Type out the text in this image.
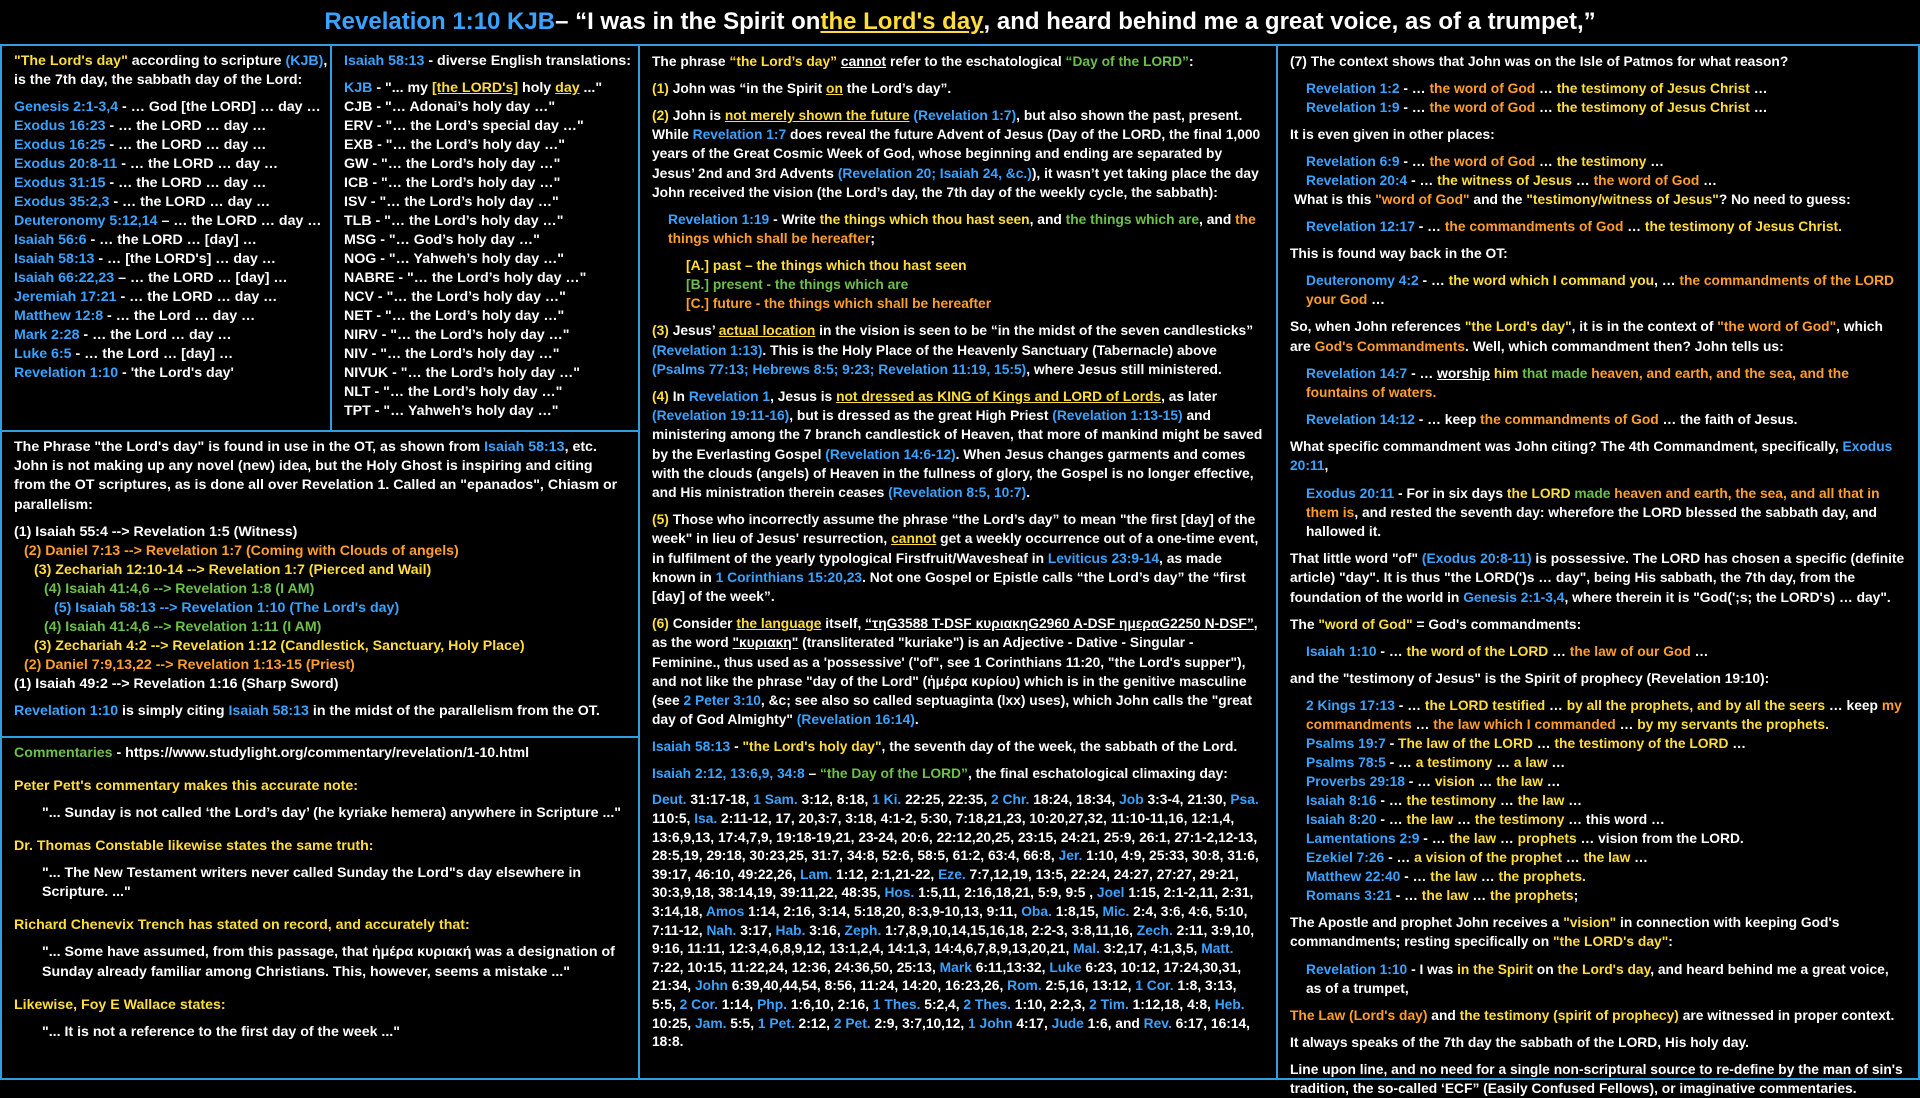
Revelation 1:10 KJB – “I was in the Spirit on the Lord's day , and heard behind me a great voice, as of a trumpet,”
"The Lord's day" according to scripture (KJB),
is the 7th day, the sabbath day of the Lord:
Genesis 2:1-3,4 - … God [the LORD] … day …
Exodus 16:23 - … the LORD … day …
Exodus 16:25 - … the LORD … day …
Exodus 20:8-11 - … the LORD … day …
Exodus 31:15 - … the LORD … day …
Exodus 35:2,3 - … the LORD … day …
Deuteronomy 5:12,14 – … the LORD … day …
Isaiah 56:6 - … the LORD … [day] …
Isaiah 58:13 - … [the LORD's] … day …
Isaiah 66:22,23 – … the LORD … [day] …
Jeremiah 17:21 - … the LORD … day …
Matthew 12:8 - … the Lord … day …
Mark 2:28 - … the Lord … day …
Luke 6:5 - … the Lord … [day] …
Revelation 1:10 - 'the Lord's day'
Isaiah 58:13 - diverse English translations:
KJB - "... my [the LORD's] holy day ..."
CJB - "… Adonai’s holy day …"
ERV - "… the Lord’s special day …"
EXB - "… the Lord’s holy day …"
GW - "… the Lord’s holy day …"
ICB - "… the Lord’s holy day …"
ISV - "… the Lord’s holy day …"
TLB - "… the Lord’s holy day …"
MSG - "… God’s holy day …"
NOG - "… Yahweh’s holy day …"
NABRE - "… the Lord’s holy day …"
NCV - "… the Lord’s holy day …"
NET - "… the Lord’s holy day …"
NIRV - "… the Lord’s holy day …"
NIV - "… the Lord’s holy day …"
NIVUK - "… the Lord’s holy day …"
NLT - "… the Lord’s holy day …"
TPT - "… Yahweh’s holy day …"

The Phrase "the Lord's day" is found in use in the OT, as shown from Isaiah 58:13, etc. John is not making up any novel (new) idea, but the Holy Ghost is inspiring and citing from the OT scriptures, as is done all over Revelation 1. Called an "epanados", Chiasm or parallelism:

(1) Isaiah 55:4 --> Revelation 1:5 (Witness)
(2) Daniel 7:13 --> Revelation 1:7 (Coming with Clouds of angels)
(3) Zechariah 12:10-14 --> Revelation 1:7 (Pierced and Wail)
(4) Isaiah 41:4,6 --> Revelation 1:8 (I AM)
(5) Isaiah 58:13 --> Revelation 1:10 (The Lord's day)
(4) Isaiah 41:4,6 --> Revelation 1:11 (I AM)
(3) Zechariah 4:2 --> Revelation 1:12 (Candlestick, Sanctuary, Holy Place)
(2) Daniel 7:9,13,22 --> Revelation 1:13-15 (Priest)
(1) Isaiah 49:2 --> Revelation 1:16 (Sharp Sword)
Revelation 1:10 is simply citing Isaiah 58:13 in the midst of the parallelism from the OT.
Commentaries - https://www.studylight.org/commentary/revelation/1-10.html
Peter Pett's commentary makes this accurate note:
"... Sunday is not called ‘the Lord’s day’ (he kyriake hemera) anywhere in Scripture ..."
Dr. Thomas Constable likewise states the same truth:

"... The New Testament writers never called Sunday the Lord"s day elsewhere in Scripture. ..."

Richard Chenevix Trench has stated on record, and accurately that:

"... Some have assumed, from this passage, that ἡμέρα κυριακή was a designation of Sunday already familiar among Christians. This, however, seems a mistake ..."

Likewise, Foy E Wallace states:
"... It is not a reference to the first day of the week ..."
The phrase “the Lord’s day” cannot refer to the eschatological “Day of the LORD”:
(1) John was “in the Spirit on the Lord’s day”.

(2) John is not merely shown the future (Revelation 1:7), but also shown the past, present. While Revelation 1:7 does reveal the future Advent of Jesus (Day of the LORD, the final 1,000 years of the Great Cosmic Week of God, whose beginning and ending are separated by Jesus’ 2nd and 3rd Advents (Revelation 20; Isaiah 24, &c.)), it wasn’t yet taking place the day John received the vision (the Lord’s day, the 7th day of the weekly cycle, the sabbath):

Revelation 1:19 - Write the things which thou hast seen, and the things which are, and the things which shall be hereafter;

[A.] past – the things which thou hast seen
[B.] present - the things which are
[C.] future - the things which shall be hereafter

(3) Jesus’ actual location in the vision is seen to be “in the midst of the seven candlesticks” (Revelation 1:13). This is the Holy Place of the Heavenly Sanctuary (Tabernacle) above (Psalms 77:13; Hebrews 8:5; 9:23; Revelation 11:19, 15:5), where Jesus still ministered.

(4) In Revelation 1, Jesus is not dressed as KING of Kings and LORD of Lords, as later (Revelation 19:11-16), but is dressed as the great High Priest (Revelation 1:13-15) and ministering among the 7 branch candlestick of Heaven, that more of mankind might be saved by the Everlasting Gospel (Revelation 14:6-12). When Jesus changes garments and comes with the clouds (angels) of Heaven in the fullness of glory, the Gospel is no longer effective, and His ministration therein ceases (Revelation 8:5, 10:7).

(5) Those who incorrectly assume the phrase “the Lord’s day” to mean "the first [day] of the week" in lieu of Jesus' resurrection, cannot get a weekly occurrence out of a one-time event, in fulfilment of the yearly typological Firstfruit/Wavesheaf in Leviticus 23:9-14, as made known in 1 Corinthians 15:20,23. Not one Gospel or Epistle calls “the Lord’s day” the “first [day] of the week”.

(6) Consider the language itself, “τηG3588 T-DSF κυριακηG2960 A-DSF ημεραG2250 N-DSF”, as the word "κυριακη" (transliterated "kuriake") is an Adjective - Dative - Singular - Feminine., thus used as a 'possessive' ("of", see 1 Corinthians 11:20, "the Lord's supper"), and not like the phrase "day of the Lord" (ἡμέρα κυρίου) which is in the genitive masculine (see 2 Peter 3:10, &c; see also so called septuaginta (lxx) uses), which John calls the "great day of God Almighty" (Revelation 16:14).

Isaiah 58:13 - "the Lord's holy day", the seventh day of the week, the sabbath of the Lord.
Isaiah 2:12, 13:6,9, 34:8 – “the Day of the LORD”, the final eschatological climaxing day:

Deut. 31:17-18, 1 Sam. 3:12, 8:18, 1 Ki. 22:25, 22:35, 2 Chr. 18:24, 18:34, Job 3:3-4, 21:30, Psa. 110:5, Isa. 2:11-12, 17, 20,3:7, 3:18, 4:1-2, 5:30, 7:18,21,23, 10:20,27,32, 11:10-11,16, 12:1,4, 13:6,9,13, 17:4,7,9, 19:18-19,21, 23-24, 20:6, 22:12,20,25, 23:15, 24:21, 25:9, 26:1, 27:1-2,12-13, 28:5,19, 29:18, 30:23,25, 31:7, 34:8, 52:6, 58:5, 61:2, 63:4, 66:8, Jer. 1:10, 4:9, 25:33, 30:8, 31:6, 39:17, 46:10, 49:22,26, Lam. 1:12, 2:1,21-22, Eze. 7:7,12,19, 13:5, 22:24, 24:27, 27:27, 29:21, 30:3,9,18, 38:14,19, 39:11,22, 48:35, Hos. 1:5,11, 2:16,18,21, 5:9, 9:5 , Joel 1:15, 2:1-2,11, 2:31, 3:14,18, Amos 1:14, 2:16, 3:14, 5:18,20, 8:3,9-10,13, 9:11, Oba. 1:8,15, Mic. 2:4, 3:6, 4:6, 5:10, 7:11-12, Nah. 3:17, Hab. 3:16, Zeph. 1:7,8,9,10,14,15,16,18, 2:2-3, 3:8,11,16, Zech. 2:11, 3:9,10, 9:16, 11:11, 12:3,4,6,8,9,12, 13:1,2,4, 14:1,3, 14:4,6,7,8,9,13,20,21, Mal. 3:2,17, 4:1,3,5, Matt. 7:22, 10:15, 11:22,24, 12:36, 24:36,50, 25:13, Mark 6:11,13:32, Luke 6:23, 10:12, 17:24,30,31, 21:34, John 6:39,40,44,54, 8:56, 11:24, 14:20, 16:23,26, Rom. 2:5,16, 13:12, 1 Cor. 1:8, 3:13, 5:5, 2 Cor. 1:14, Php. 1:6,10, 2:16, 1 Thes. 5:2,4, 2 Thes. 1:10, 2:2,3, 2 Tim. 1:12,18, 4:8, Heb. 10:25, Jam. 5:5, 1 Pet. 2:12, 2 Pet. 2:9, 3:7,10,12, 1 John 4:17, Jude 1:6, and Rev. 6:17, 16:14, 18:8.

(7) The context shows that John was on the Isle of Patmos for what reason?
Revelation 1:2 - … the word of God … the testimony of Jesus Christ …
Revelation 1:9 - … the word of God … the testimony of Jesus Christ …
It is even given in other places:
Revelation 6:9 - … the word of God … the testimony …
Revelation 20:4 - … the witness of Jesus … the word of God …
What is this "word of God" and the "testimony/witness of Jesus"? No need to guess:
Revelation 12:17 - … the commandments of God … the testimony of Jesus Christ.
This is found way back in the OT:

Deuteronomy 4:2 - … the word which I command you, … the commandments of the LORD your God …

So, when John references "the Lord's day", it is in the context of "the word of God", which are God's Commandments. Well, which commandment then? John tells us:

Revelation 14:7 - … worship him that made heaven, and earth, and the sea, and the fountains of waters.

Revelation 14:12 - … keep the commandments of God … the faith of Jesus.

What specific commandment was John citing? The 4th Commandment, specifically, Exodus 20:11,

Exodus 20:11 - For in six days the LORD made heaven and earth, the sea, and all that in them is, and rested the seventh day: wherefore the LORD blessed the sabbath day, and hallowed it.

That little word "of" (Exodus 20:8-11) is possessive. The LORD has chosen a specific (definite article) "day". It is thus "the LORD(')s … day", being His sabbath, the 7th day, from the foundation of the world in Genesis 2:1-3,4, where therein it is "God(';s; the LORD's) … day".

The "word of God" = God's commandments:
Isaiah 1:10 - … the word of the LORD … the law of our God …
and the "testimony of Jesus" is the Spirit of prophecy (Revelation 19:10):

2 Kings 17:13 - … the LORD testified … by all the prophets, and by all the seers … keep my commandments … the law which I commanded … by my servants the prophets.

Psalms 19:7 - The law of the LORD … the testimony of the LORD …
Psalms 78:5 - … a testimony … a law …
Proverbs 29:18 - … vision … the law …
Isaiah 8:16 - … the testimony … the law …
Isaiah 8:20 - … the law … the testimony … this word …
Lamentations 2:9 - … the law … prophets … vision from the LORD.
Ezekiel 7:26 - … a vision of the prophet … the law …
Matthew 22:40 - … the law … the prophets.
Romans 3:21 - … the law … the prophets;

The Apostle and prophet John receives a "vision" in connection with keeping God's commandments; resting specifically on "the LORD's day":

Revelation 1:10 - I was in the Spirit on the Lord's day, and heard behind me a great voice, as of a trumpet,

The Law (Lord's day) and the testimony (spirit of prophecy) are witnessed in proper context.
It always speaks of the 7th day the sabbath of the LORD, His holy day.

Line upon line, and no need for a single non-scriptural source to re-define by the man of sin's tradition, the so-called ‘ECF” (Easily Confused Fellows), or imaginative commentaries.
